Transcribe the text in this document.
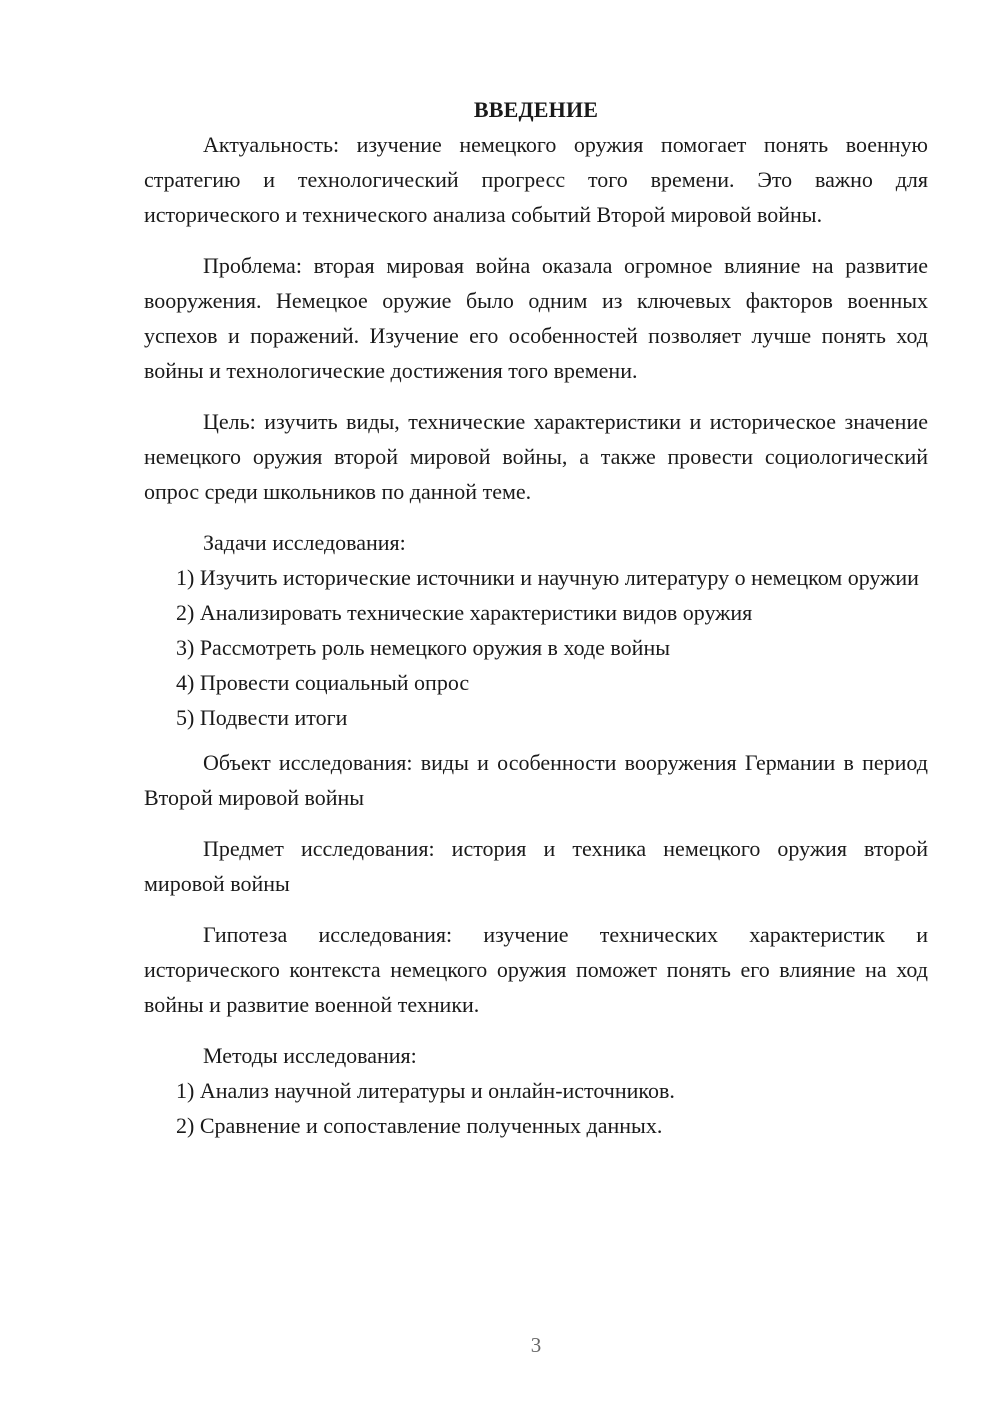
ВВЕДЕНИЕ

Актуальность: изучение немецкого оружия помогает понять военную стратегию и технологический прогресс того времени. Это важно для исторического и технического анализа событий Второй мировой войны.

Проблема: вторая мировая война оказала огромное влияние на развитие вооружения. Немецкое оружие было одним из ключевых факторов военных успехов и поражений. Изучение его особенностей позволяет лучше понять ход войны и технологические достижения того времени.

Цель: изучить виды, технические характеристики и историческое значение немецкого оружия второй мировой войны, а также провести социологический опрос среди школьников по данной теме.

Задачи исследования:

1) Изучить исторические источники и научную литературу о немецком оружии

2) Анализировать технические характеристики видов оружия

3) Рассмотреть роль немецкого оружия в ходе войны

4) Провести социальный опрос

5) Подвести итоги

Объект исследования: виды и особенности вооружения Германии в период Второй мировой войны

Предмет исследования: история и техника немецкого оружия второй мировой войны

Гипотеза исследования: изучение технических характеристик и исторического контекста немецкого оружия поможет понять его влияние на ход войны и развитие военной техники.

Методы исследования:

1) Анализ научной литературы и онлайн-источников.

2) Сравнение и сопоставление полученных данных.

3
